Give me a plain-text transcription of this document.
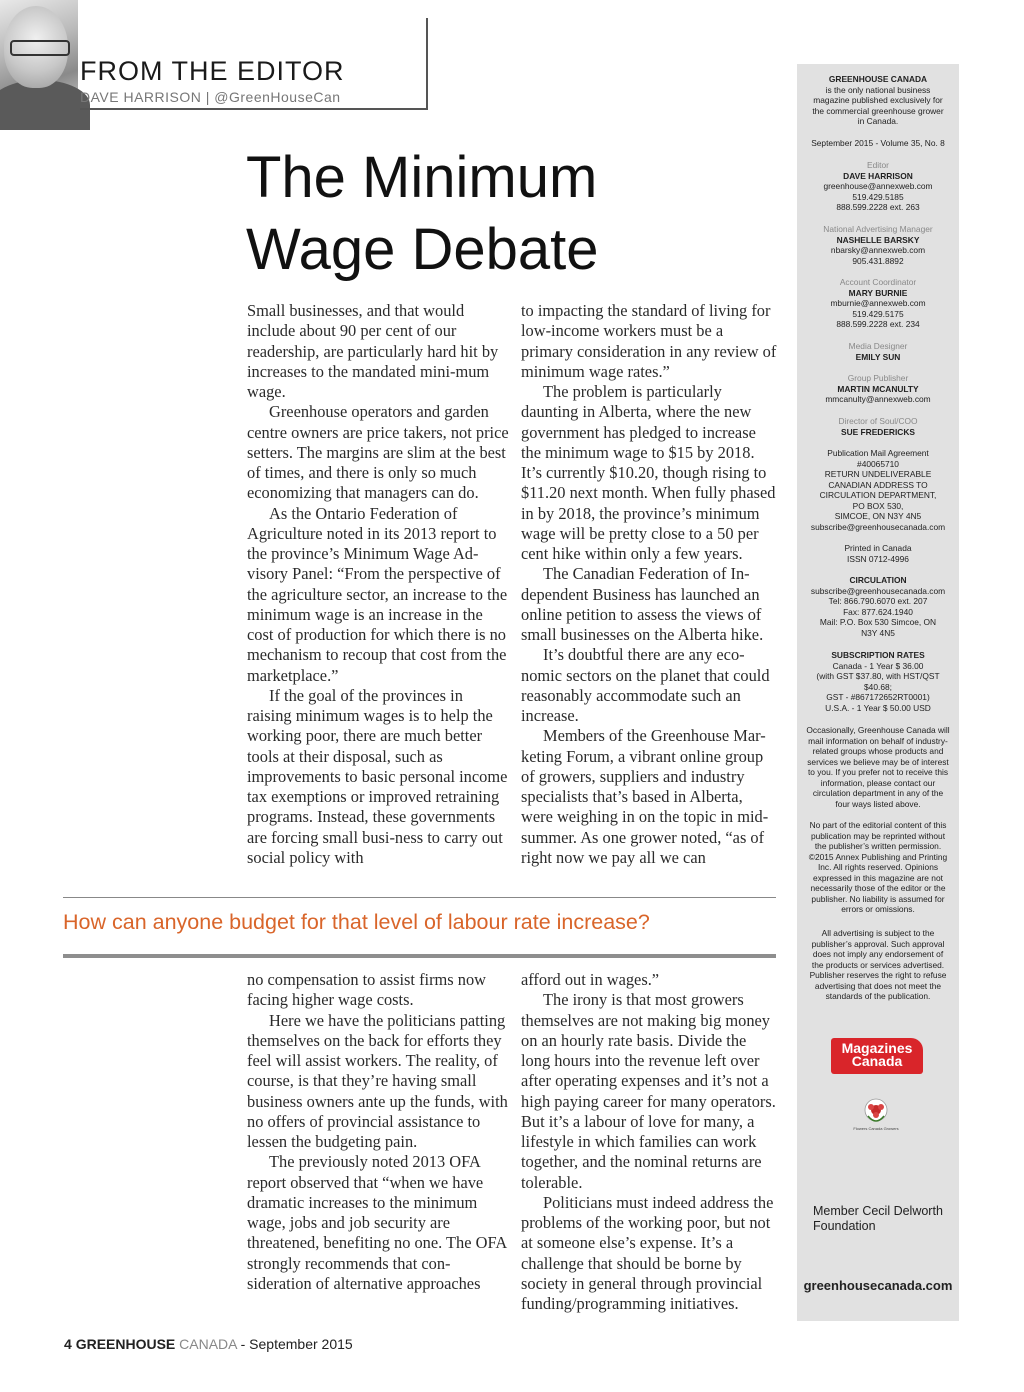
FROM THE EDITOR
DAVE HARRISON | @GreenHouseCan
The Minimum
Wage Debate

Small businesses, and that would include about 90 per cent of our readership, are particularly hard hit by increases to the mandated mini-mum wage.

Greenhouse operators and garden centre owners are price takers, not price setters. The margins are slim at the best of times, and there is only so much economizing that managers can do.

As the Ontario Federation of Agriculture noted in its 2013 report to the province’s Minimum Wage Ad-visory Panel: “From the perspective of the agriculture sector, an increase to the minimum wage is an increase in the cost of production for which there is no mechanism to recoup that cost from the marketplace.”

If the goal of the provinces in raising minimum wages is to help the working poor, there are much better tools at their disposal, such as improvements to basic personal income tax exemptions or improved retraining programs. Instead, these governments are forcing small busi-ness to carry out social policy with

to impacting the standard of living for low-income workers must be a primary consideration in any review of minimum wage rates.”

The problem is particularly daunting in Alberta, where the new government has pledged to increase the minimum wage to $15 by 2018. It’s currently $10.20, though rising to $11.20 next month. When fully phased in by 2018, the province’s minimum wage will be pretty close to a 50 per cent hike within only a few years.

The Canadian Federation of In-dependent Business has launched an online petition to assess the views of small businesses on the Alberta hike.

It’s doubtful there are any eco-nomic sectors on the planet that could reasonably accommodate such an increase.

Members of the Greenhouse Mar-keting Forum, a vibrant online group of growers, suppliers and industry specialists that’s based in Alberta, were weighing in on the topic in mid-summer. As one grower noted, “as of right now we pay all we can

How can anyone budget for that level of labour rate increase?

no compensation to assist firms now facing higher wage costs.

Here we have the politicians patting themselves on the back for efforts they feel will assist workers. The reality, of course, is that they’re having small business owners ante up the funds, with no offers of provincial assistance to lessen the budgeting pain.

The previously noted 2013 OFA report observed that “when we have dramatic increases to the minimum wage, jobs and job security are threatened, benefiting no one. The OFA strongly recommends that con-sideration of alternative approaches

afford out in wages.”

The irony is that most growers themselves are not making big money on an hourly rate basis. Divide the long hours into the revenue left over after operating expenses and it’s not a high paying career for many operators. But it’s a labour of love for many, a lifestyle in which families can work together, and the nominal returns are tolerable.

Politicians must indeed address the problems of the working poor, but not at someone else’s expense. It’s a challenge that should be borne by society in general through provincial funding/programming initiatives.

4 GREENHOUSE CANADA - September 2015
GREENHOUSE CANADA
is the only national business magazine published exclusively for the commercial greenhouse grower in Canada.
September 2015 - Volume 35, No. 8
Editor
DAVE HARRISON
greenhouse@annexweb.com
519.429.5185
888.599.2228 ext. 263
National Advertising Manager
NASHELLE BARSKY
nbarsky@annexweb.com
905.431.8892
Account Coordinator
MARY BURNIE
mburnie@annexweb.com
519.429.5175
888.599.2228 ext. 234
Media Designer
EMILY SUN
Group Publisher
MARTIN MCANULTY
mmcanulty@annexweb.com
Director of Soul/COO
SUE FREDERICKS
Publication Mail Agreement
#40065710
RETURN UNDELIVERABLE
CANADIAN ADDRESS TO
CIRCULATION DEPARTMENT,
PO BOX 530,
SIMCOE, ON N3Y 4N5
subscribe@greenhousecanada.com
Printed in Canada
ISSN 0712-4996
CIRCULATION
subscribe@greenhousecanada.com
Tel: 866.790.6070 ext. 207
Fax: 877.624.1940
Mail: P.O. Box 530 Simcoe, ON
N3Y 4N5
SUBSCRIPTION RATES
Canada - 1 Year $ 36.00
(with GST $37.80, with HST/QST
$40.68;
GST - #867172652RT0001)
U.S.A. - 1 Year $ 50.00 USD
Occasionally, Greenhouse Canada will mail information on behalf of industry-related groups whose products and services we believe may be of interest to you. If you prefer not to receive this information, please contact our circulation department in any of the four ways listed above.
No part of the editorial content of this publication may be reprinted without the publisher’s written permission. ©2015 Annex Publishing and Printing Inc. All rights reserved. Opinions expressed in this magazine are not necessarily those of the editor or the publisher. No liability is assumed for errors or omissions.
All advertising is subject to the publisher’s approval. Such approval does not imply any endorsement of the products or services advertised. Publisher reserves the right to refuse advertising that does not meet the standards of the publication.
Magazines
Canada
Flowers Canada Growers
Member Cecil Delworth Foundation
greenhousecanada.com
